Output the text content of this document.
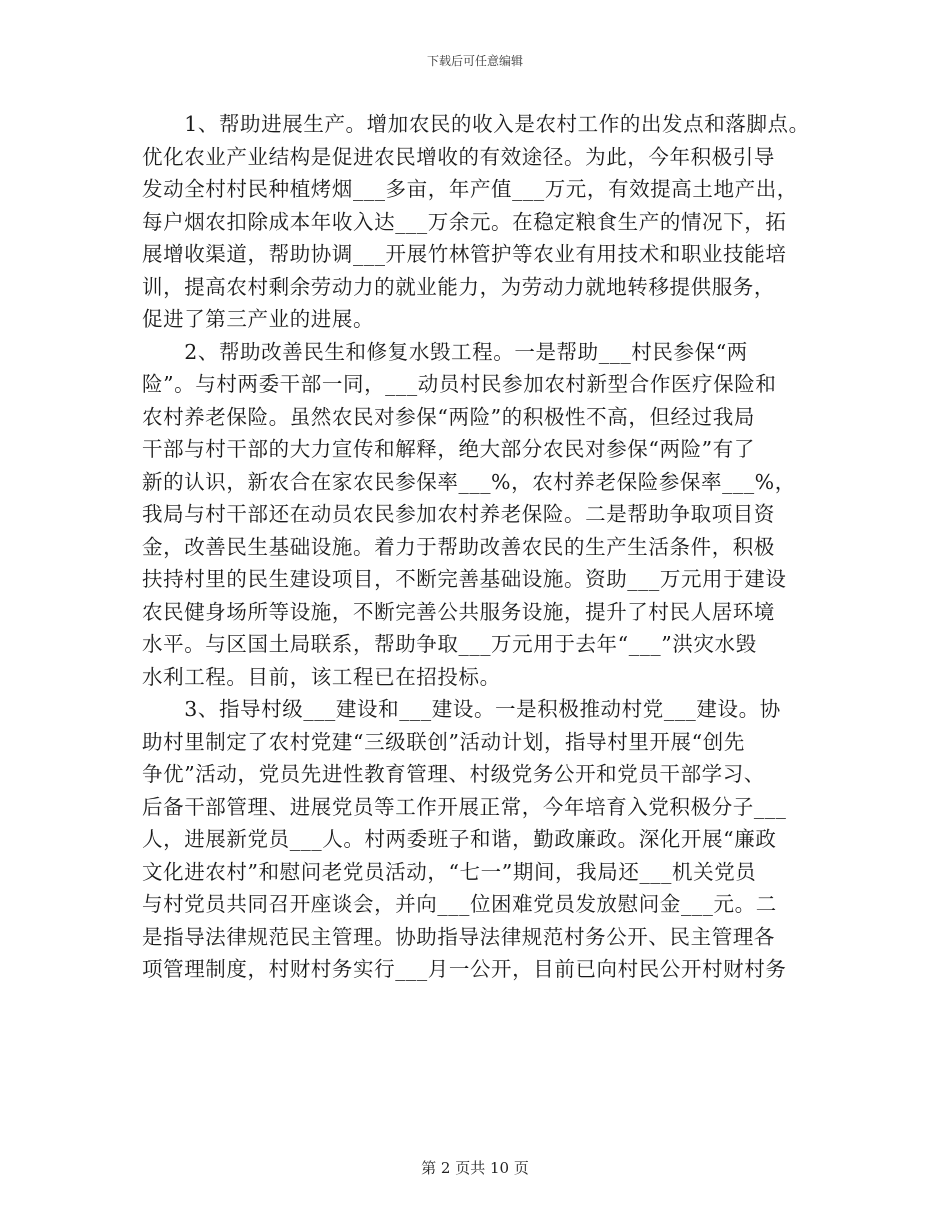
下载后可任意编辑
　　1、帮助进展生产。增加农民的收入是农村工作的出发点和落脚点。
优化农业产业结构是促进农民增收的有效途径。为此，今年积极引导
发动全村村民种植烤烟___多亩，年产值___万元，有效提高土地产出，
每户烟农扣除成本年收入达___万余元。在稳定粮食生产的情况下，拓
展增收渠道，帮助协调___开展竹林管护等农业有用技术和职业技能培
训，提高农村剩余劳动力的就业能力，为劳动力就地转移提供服务，
促进了第三产业的进展。
　　2、帮助改善民生和修复水毁工程。一是帮助___村民参保“两
险”。与村两委干部一同，___动员村民参加农村新型合作医疗保险和
农村养老保险。虽然农民对参保“两险”的积极性不高，但经过我局
干部与村干部的大力宣传和解释，绝大部分农民对参保“两险”有了
新的认识，新农合在家农民参保率___%，农村养老保险参保率___%，
我局与村干部还在动员农民参加农村养老保险。二是帮助争取项目资
金，改善民生基础设施。着力于帮助改善农民的生产生活条件，积极
扶持村里的民生建设项目，不断完善基础设施。资助___万元用于建设
农民健身场所等设施，不断完善公共服务设施，提升了村民人居环境
水平。与区国土局联系，帮助争取___万元用于去年“___”洪灾水毁
水利工程。目前，该工程已在招投标。
　　3、指导村级___建设和___建设。一是积极推动村党___建设。协
助村里制定了农村党建“三级联创”活动计划，指导村里开展“创先
争优”活动，党员先进性教育管理、村级党务公开和党员干部学习、
后备干部管理、进展党员等工作开展正常，今年培育入党积极分子___
人，进展新党员___人。村两委班子和谐，勤政廉政。深化开展“廉政
文化进农村”和慰问老党员活动，“七一”期间，我局还___机关党员
与村党员共同召开座谈会，并向___位困难党员发放慰问金___元。二
是指导法律规范民主管理。协助指导法律规范村务公开、民主管理各
项管理制度，村财村务实行___月一公开，目前已向村民公开村财村务
第 2 页共 10 页
